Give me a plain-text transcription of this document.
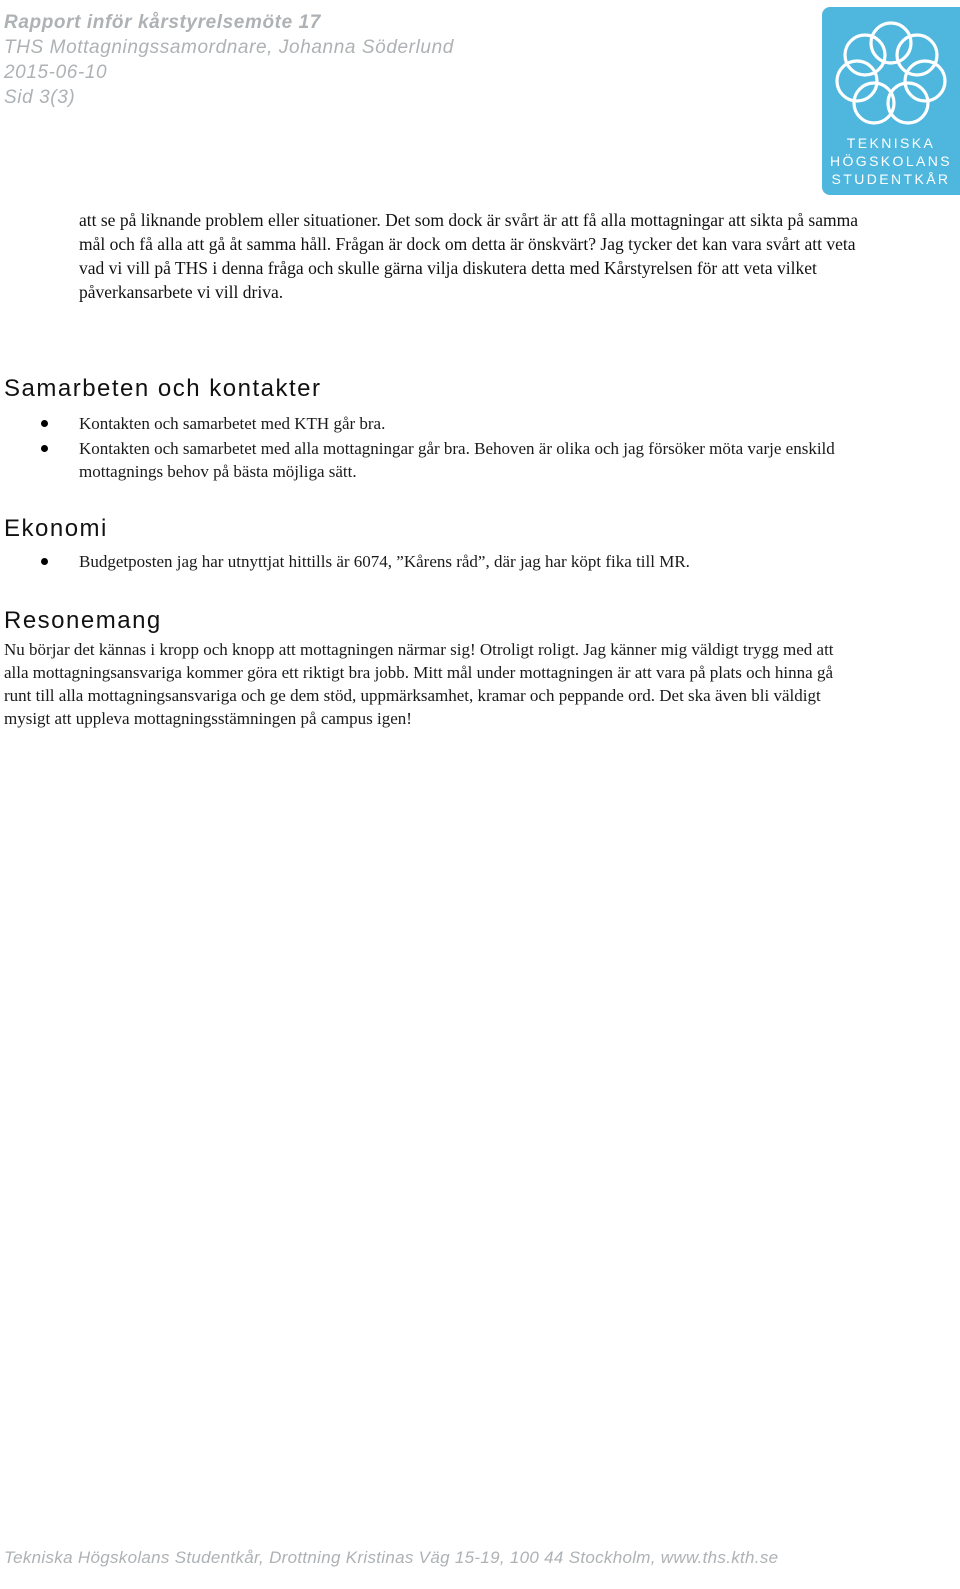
Rapport inför kårstyrelsemöte 17
THS Mottagningssamordnare, Johanna Söderlund
2015-06-10
Sid 3(3)
TEKNISKA
HÖGSKOLANS
STUDENTKÅR

att se på liknande problem eller situationer. Det som dock är svårt är att få alla mottagningar att sikta på samma mål och få alla att gå åt samma håll. Frågan är dock om detta är önskvärt? Jag tycker det kan vara svårt att veta vad vi vill på THS i denna fråga och skulle gärna vilja diskutera detta med Kårstyrelsen för att veta vilket påverkansarbete vi vill driva.

Samarbeten och kontakter
Kontakten och samarbetet med KTH går bra.
Kontakten och samarbetet med alla mottagningar går bra. Behoven är olika och jag försöker möta varje enskild mottagnings behov på bästa möjliga sätt.
Ekonomi
Budgetposten jag har utnyttjat hittills är 6074, ”Kårens råd”, där jag har köpt fika till MR.
Resonemang

Nu börjar det kännas i kropp och knopp att mottagningen närmar sig! Otroligt roligt. Jag känner mig väldigt trygg med att alla mottagningsansvariga kommer göra ett riktigt bra jobb. Mitt mål under mottagningen är att vara på plats och hinna gå runt till alla mottagningsansvariga och ge dem stöd, uppmärksamhet, kramar och peppande ord. Det ska även bli väldigt mysigt att uppleva mottagningsstämningen på campus igen!

Tekniska Högskolans Studentkår, Drottning Kristinas Väg 15-19, 100 44 Stockholm, www.ths.kth.se
